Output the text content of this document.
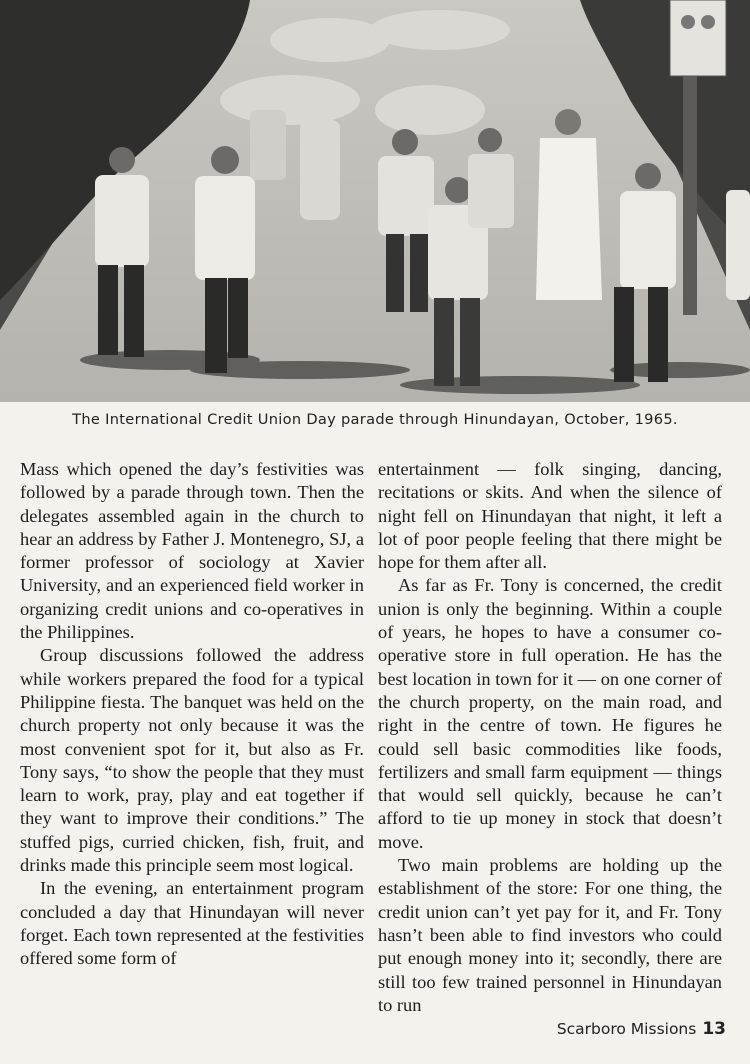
The International Credit Union Day parade through Hinundayan, October, 1965.

Mass which opened the day’s festivities was followed by a parade through town. Then the delegates assembled again in the church to hear an address by Father J. Montenegro, SJ, a former professor of sociology at Xavier University, and an experienced field worker in organizing credit unions and co-operatives in the Philippines.

Group discussions followed the address while workers prepared the food for a typical Philippine fiesta. The banquet was held on the church property not only because it was the most convenient spot for it, but also as Fr. Tony says, “to show the people that they must learn to work, pray, play and eat together if they want to improve their conditions.” The stuffed pigs, curried chicken, fish, fruit, and drinks made this principle seem most logical.

In the evening, an entertainment program concluded a day that Hinundayan will never forget. Each town represented at the festivities offered some form of

entertainment — folk singing, dancing, recitations or skits. And when the silence of night fell on Hinundayan that night, it left a lot of poor people feeling that there might be hope for them after all.

As far as Fr. Tony is concerned, the credit union is only the beginning. Within a couple of years, he hopes to have a consumer co-operative store in full operation. He has the best location in town for it — on one corner of the church property, on the main road, and right in the centre of town. He figures he could sell basic commodities like foods, fertilizers and small farm equipment — things that would sell quickly, because he can’t afford to tie up money in stock that doesn’t move.

Two main problems are holding up the establishment of the store: For one thing, the credit union can’t yet pay for it, and Fr. Tony hasn’t been able to find investors who could put enough money into it; secondly, there are still too few trained personnel in Hinundayan to run

Scarboro Missions 13
